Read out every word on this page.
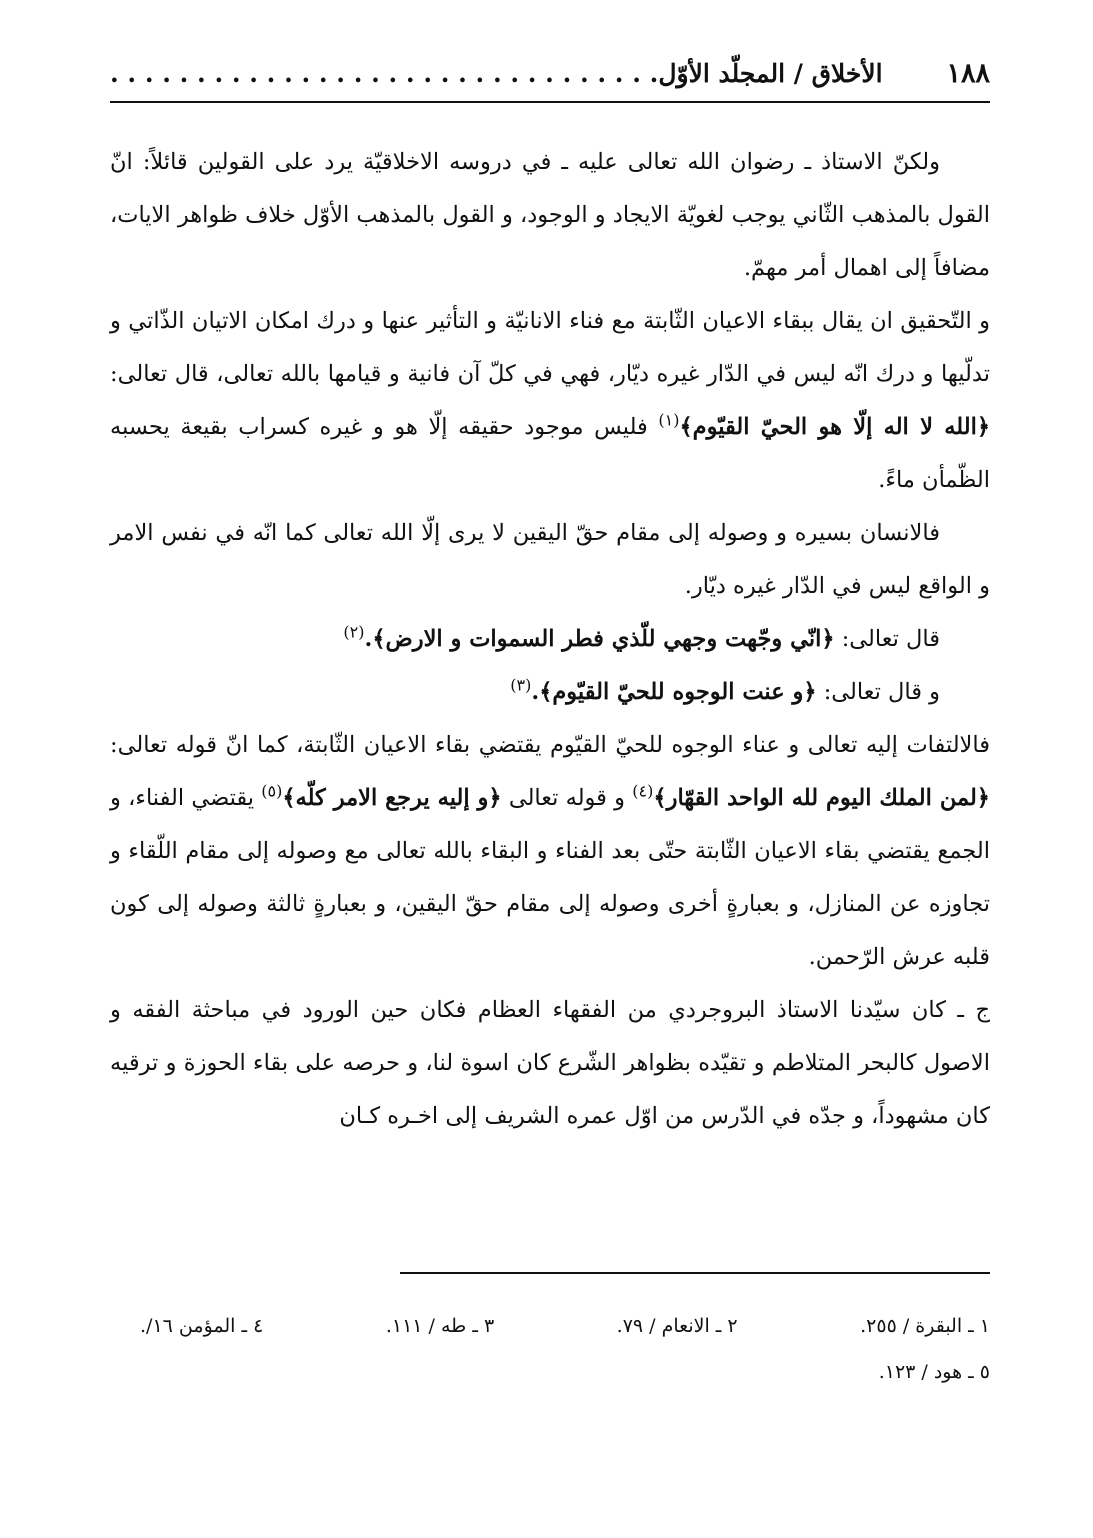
١٨٨
الأخلاق / المجلّد الأوّل. . . . . . . . . . . . . . . . . . . . . . . . . . . . . . . .

ولكنّ الاستاذ ـ رضوان الله تعالى عليه ـ في دروسه الاخلاقيّة يرد على القولين قائلاً: انّ القول بالمذهب الثّاني يوجب لغويّة الايجاد و الوجود، و القول بالمذهب الأوّل خلاف ظواهر الايات، مضافاً إلى اهمال أمر مهمّ.

و التّحقيق ان يقال ببقاء الاعيان الثّابتة مع فناء الانانيّة و التأثير عنها و درك امكان الاتيان الذّاتي و تدلّيها و درك انّه ليس في الدّار غيره ديّار، فهي في كلّ آن فانية و قيامها بالله تعالى، قال تعالى: ﴿الله لا اله إلّا هو الحيّ القيّوم﴾$^{(١)}$ فليس موجود حقيقه إلّا هو و غيره كسراب بقيعة يحسبه الظّمأن ماءً.

فالانسان بسيره و وصوله إلى مقام حقّ اليقين لا يرى إلّا الله تعالى كما انّه في نفس الامر و الواقع ليس في الدّار غيره ديّار.

قال تعالى: ﴿انّي وجّهت وجهي للّذي فطر السموات و الارض﴾.$^{(٢)}$

و قال تعالى: ﴿و عنت الوجوه للحيّ القيّوم﴾.$^{(٣)}$

فالالتفات إليه تعالى و عناء الوجوه للحيّ القيّوم يقتضي بقاء الاعيان الثّابتة، كما انّ قوله تعالى: ﴿لمن الملك اليوم لله الواحد القهّار﴾$^{(٤)}$ و قوله تعالى ﴿و إليه يرجع الامر كلّه﴾$^{(٥)}$ يقتضي الفناء، و الجمع يقتضي بقاء الاعيان الثّابتة حتّى بعد الفناء و البقاء بالله تعالى مع وصوله إلى مقام اللّقاء و تجاوزه عن المنازل، و بعبارةٍ أخرى وصوله إلى مقام حقّ اليقين، و بعبارةٍ ثالثة وصوله إلى كون قلبه عرش الرّحمن.

ج ـ كان سيّدنا الاستاذ البروجردي من الفقهاء العظام فكان حين الورود في مباحثة الفقه و الاصول كالبحر المتلاطم و تقيّده بظواهر الشّرع كان اسوة لنا، و حرصه على بقاء الحوزة و ترقيه كان مشهوداً، و جدّه في الدّرس من اوّل عمره الشريف إلى اخـره كـان

١ ـ البقرة / ٢٥٥.
٢ ـ الانعام / ٧٩.
٣ ـ طه / ١١١.
٤ ـ المؤمن ١٦/.
٥ ـ هود / ١٢٣.
